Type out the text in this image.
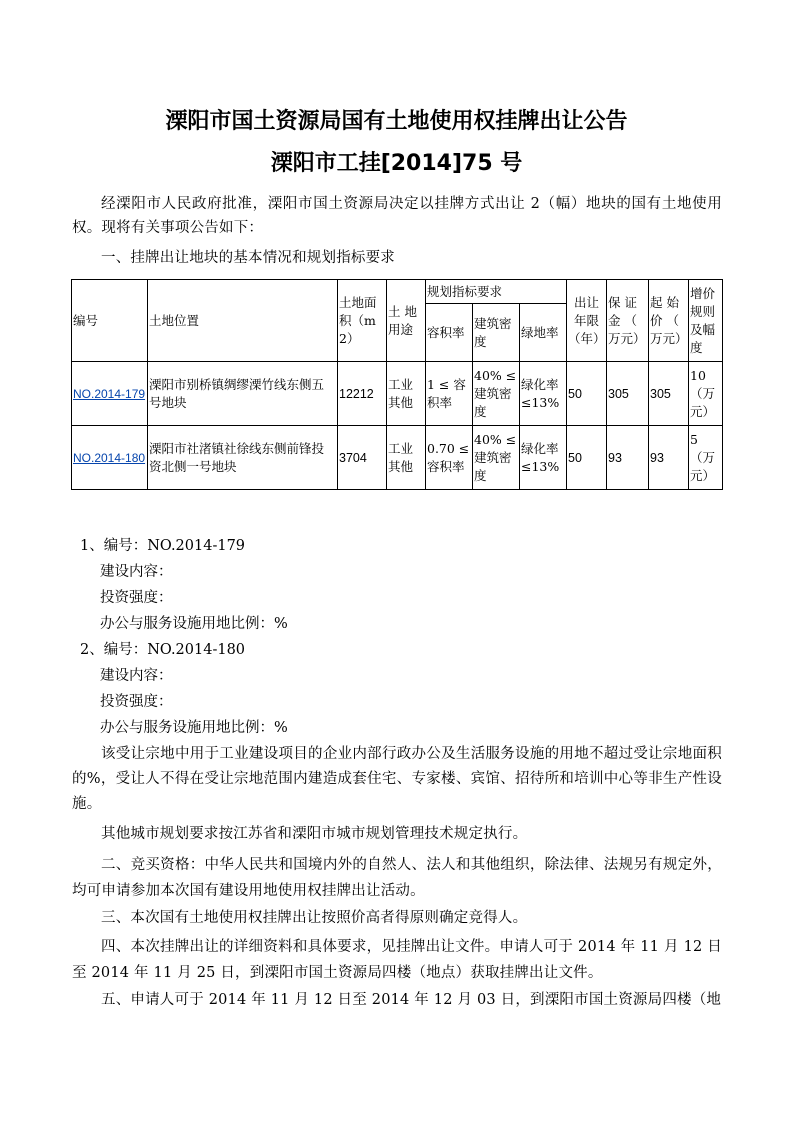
溧阳市国土资源局国有土地使用权挂牌出让公告
溧阳市工挂[2014]75 号
经溧阳市人民政府批准，溧阳市国土资源局决定以挂牌方式出让 2（幅）地块的国有土地使用权。现将有关事项公告如下：
一、挂牌出让地块的基本情况和规划指标要求
编号	土地位置	土地面积（m2）	土 地用途	规划指标要求			出让年限（年）	保 证金 （ 万元）	起 始价 （ 万元）	增价规则及幅度
				容积率	建筑密度	绿地率				
NO.2014-179	溧阳市别桥镇绸缪溧竹线东侧五号地块	12212	工业其他	1 ≤ 容积率	40% ≤建筑密度	绿化率≤13%	50	305	305	10 （万元）
NO.2014-180	溧阳市社渚镇社徐线东侧前锋投资北侧一号地块	3704	工业其他	0.70 ≤容积率	40% ≤建筑密度	绿化率≤13%	50	93	93	5 （万元）
1、编号：NO.2014-179
建设内容：
投资强度：
办公与服务设施用地比例：%
2、编号：NO.2014-180
建设内容：
投资强度：
办公与服务设施用地比例：%
该受让宗地中用于工业建设项目的企业内部行政办公及生活服务设施的用地不超过受让宗地面积的%，受让人不得在受让宗地范围内建造成套住宅、专家楼、宾馆、招待所和培训中心等非生产性设施。
其他城市规划要求按江苏省和溧阳市城市规划管理技术规定执行。
二、竞买资格：中华人民共和国境内外的自然人、法人和其他组织，除法律、法规另有规定外，均可申请参加本次国有建设用地使用权挂牌出让活动。
三、本次国有土地使用权挂牌出让按照价高者得原则确定竞得人。
四、本次挂牌出让的详细资料和具体要求，见挂牌出让文件。申请人可于 2014 年 11 月 12 日至 2014 年 11 月 25 日，到溧阳市国土资源局四楼（地点）获取挂牌出让文件。
五、申请人可于 2014 年 11 月 12 日至 2014 年 12 月 03 日，到溧阳市国土资源局四楼（地
